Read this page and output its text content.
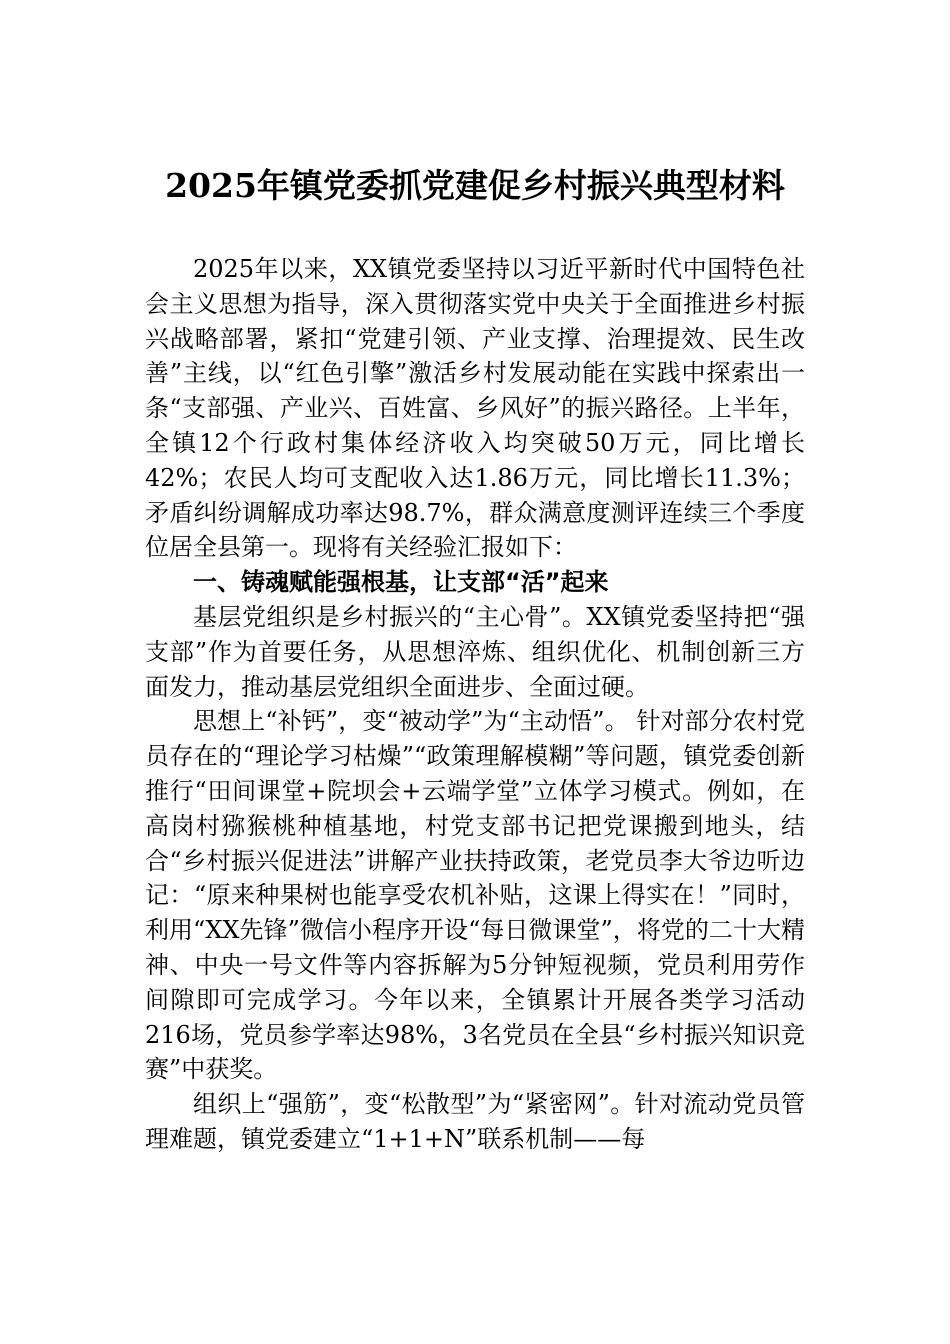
2025年镇党委抓党建促乡村振兴典型材料

2025年以来，XX镇党委坚持以习近平新时代中国特色社会主义思想为指导，深入贯彻落实党中央关于全面推进乡村振兴战略部署，紧扣“党建引领、产业支撑、治理提效、民生改善”主线，以“红色引擎”激活乡村发展动能在实践中探索出一条“支部强、产业兴、百姓富、乡风好”的振兴路径。上半年，全镇12个行政村集体经济收入均突破50万元，同比增长42%；农民人均可支配收入达1.86万元，同比增长11.3%；矛盾纠纷调解成功率达98.7%，群众满意度测评连续三个季度位居全县第一。现将有关经验汇报如下：

一、铸魂赋能强根基，让支部“活”起来

基层党组织是乡村振兴的“主心骨”。XX镇党委坚持把“强支部”作为首要任务，从思想淬炼、组织优化、机制创新三方面发力，推动基层党组织全面进步、全面过硬。

思想上“补钙”，变“被动学”为“主动悟”。 针对部分农村党员存在的“理论学习枯燥”“政策理解模糊”等问题，镇党委创新推行“田间课堂+院坝会+云端学堂”立体学习模式。例如，在高岗村猕猴桃种植基地，村党支部书记把党课搬到地头，结合“乡村振兴促进法”讲解产业扶持政策，老党员李大爷边听边记：“原来种果树也能享受农机补贴，这课上得实在！”同时，利用“XX先锋”微信小程序开设“每日微课堂”，将党的二十大精神、中央一号文件等内容拆解为5分钟短视频，党员利用劳作间隙即可完成学习。今年以来，全镇累计开展各类学习活动216场，党员参学率达98%，3名党员在全县“乡村振兴知识竞赛”中获奖。

组织上“强筋”，变“松散型”为“紧密网”。针对流动党员管理难题，镇党委建立“1+1+N”联系机制——每
